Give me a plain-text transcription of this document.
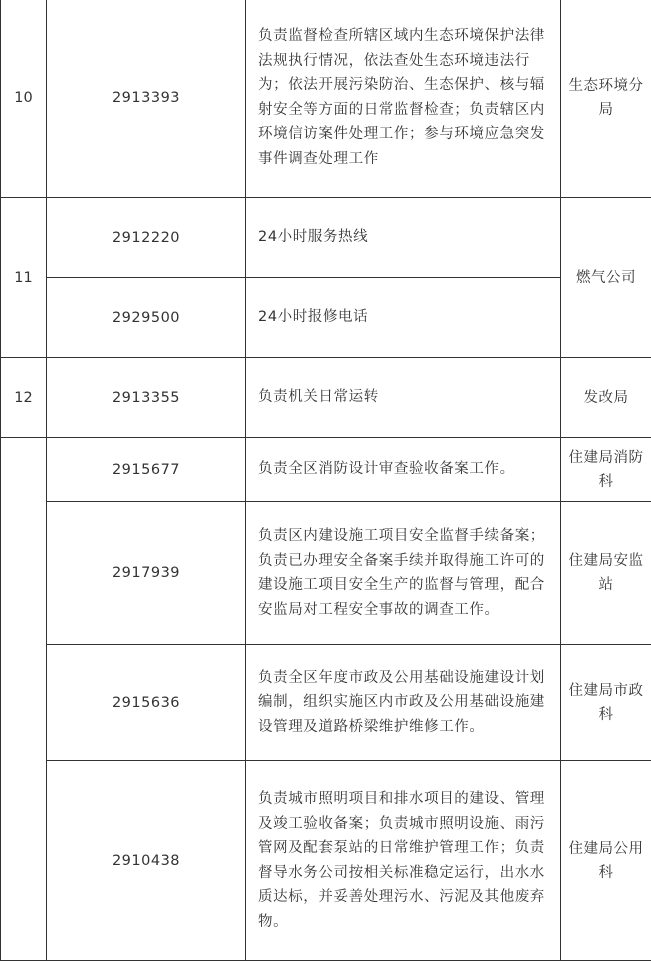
10	2913393	负责监督检查所辖区域内生态环境保护法律法规执行情况，依法查处生态环境违法行为；依法开展污染防治、生态保护、核与辐射安全等方面的日常监督检查；负责辖区内环境信访案件处理工作；参与环境应急突发事件调查处理工作	生态环境分局

11	2912220	24小时服务热线	燃气公司

	2929500	24小时报修电话	

12	2913355	负责机关日常运转	发改局

	2915677	负责全区消防设计审查验收备案工作。	住建局消防科

	2917939	负责区内建设施工项目安全监督手续备案；负责已办理安全备案手续并取得施工许可的建设施工项目安全生产的监督与管理，配合安监局对工程安全事故的调查工作。	住建局安监站

	2915636	负责全区年度市政及公用基础设施建设计划编制，组织实施区内市政及公用基础设施建设管理及道路桥梁维护维修工作。	住建局市政科

	2910438	负责城市照明项目和排水项目的建设、管理及竣工验收备案；负责城市照明设施、雨污管网及配套泵站的日常维护管理工作；负责督导水务公司按相关标准稳定运行，出水水质达标，并妥善处理污水、污泥及其他废弃物。	住建局公用科
